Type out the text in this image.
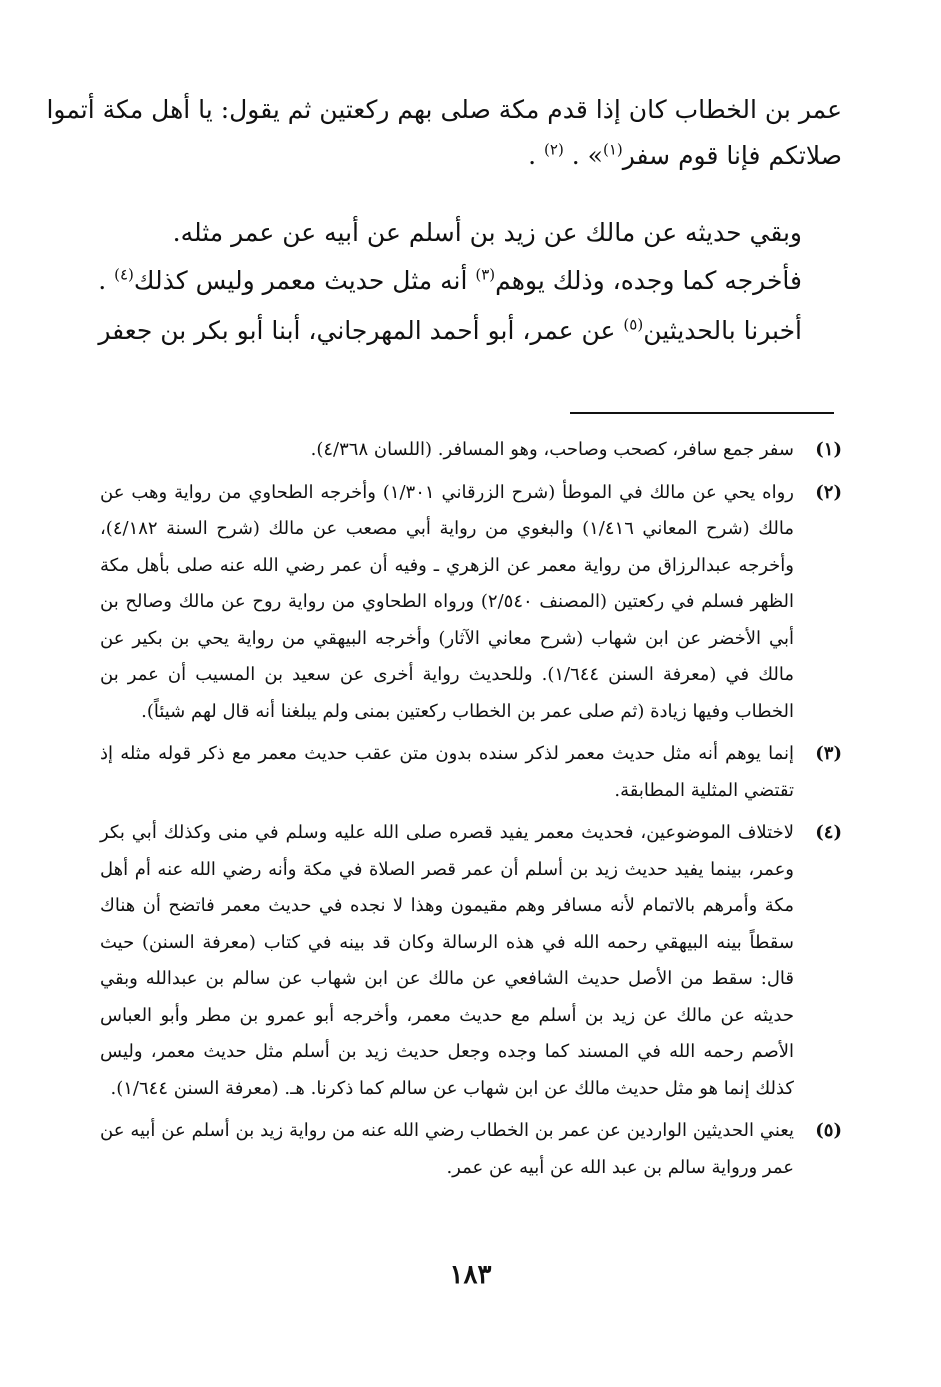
عمر بن الخطاب كان إذا قدم مكة صلى بهم ركعتين ثم يقول: يا أهل مكة أتموا
صلاتكم فإنا قوم سفر$^{(١)}$» . $^{(٢)}$ .
وبقي حديثه عن مالك عن زيد بن أسلم عن أبيه عن عمر مثله.
فأخرجه كما وجده، وذلك يوهم$^{(٣)}$ أنه مثل حديث معمر وليس كذلك$^{(٤)}$ .
أخبرنا بالحديثين$^{(٥)}$ عن عمر، أبو أحمد المهرجاني، أبنا أبو بكر بن جعفر
(١)
سفر جمع سافر، كصحب وصاحب، وهو المسافر. (اللسان ٤/٣٦٨).
(٢)
رواه يحي عن مالك في الموطأ (شرح الزرقاني ١/٣٠١) وأخرجه الطحاوي من رواية وهب عن مالك (شرح المعاني ١/٤١٦) والبغوي من رواية أبي مصعب عن مالك (شرح السنة ٤/١٨٢)، وأخرجه عبدالرزاق من رواية معمر عن الزهري ـ وفيه أن عمر رضي الله عنه صلى بأهل مكة الظهر فسلم في ركعتين (المصنف ٢/٥٤٠) ورواه الطحاوي من رواية روح عن مالك وصالح بن أبي الأخضر عن ابن شهاب (شرح معاني الآثار) وأخرجه البيهقي من رواية يحي بن بكير عن مالك في (معرفة السنن ١/٦٤٤). وللحديث رواية أخرى عن سعيد بن المسيب أن عمر بن الخطاب وفيها زيادة (ثم صلى عمر بن الخطاب ركعتين بمنى ولم يبلغنا أنه قال لهم شيئاً).
(٣)
إنما يوهم أنه مثل حديث معمر لذكر سنده بدون متن عقب حديث معمر مع ذكر قوله مثله إذ تقتضي المثلية المطابقة.
(٤)
لاختلاف الموضوعين، فحديث معمر يفيد قصره صلى الله عليه وسلم في منى وكذلك أبي بكر وعمر، بينما يفيد حديث زيد بن أسلم أن عمر قصر الصلاة في مكة وأنه رضي الله عنه أم أهل مكة وأمرهم بالاتمام لأنه مسافر وهم مقيمون وهذا لا نجده في حديث معمر فاتضح أن هناك سقطاً بينه البيهقي رحمه الله في هذه الرسالة وكان قد بينه في كتاب (معرفة السنن) حيث قال: سقط من الأصل حديث الشافعي عن مالك عن ابن شهاب عن سالم بن عبدالله وبقي حديثه عن مالك عن زيد بن أسلم مع حديث معمر، وأخرجه أبو عمرو بن مطر وأبو العباس الأصم رحمه الله في المسند كما وجده وجعل حديث زيد بن أسلم مثل حديث معمر، وليس كذلك إنما هو مثل حديث مالك عن ابن شهاب عن سالم كما ذكرنا. هـ. (معرفة السنن ١/٦٤٤).
(٥)
يعني الحديثين الواردين عن عمر بن الخطاب رضي الله عنه من رواية زيد بن أسلم عن أبيه عن عمر ورواية سالم بن عبد الله عن أبيه عن عمر.
١٨٣
